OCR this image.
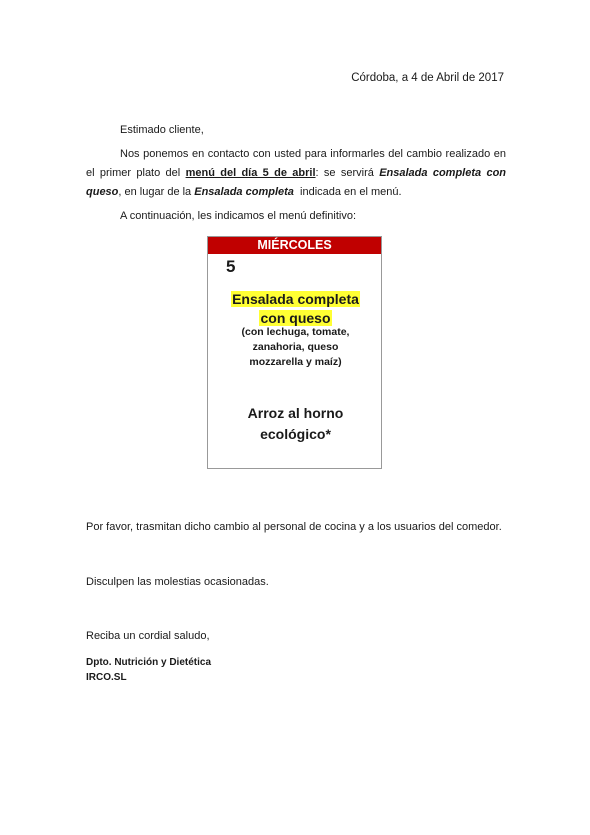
Córdoba, a 4 de Abril de 2017
Estimado cliente,
Nos ponemos en contacto con usted para informarles del cambio realizado en el primer plato del menú del día 5 de abril: se servirá Ensalada completa con queso, en lugar de la Ensalada completa  indicada en el menú.
A continuación, les indicamos el menú definitivo:
MIÉRCOLES
5
Ensalada completa
con queso
(con lechuga, tomate,
zanahoria, queso
mozzarella y maíz)
Arroz al horno
ecológico*
Por favor, trasmitan dicho cambio al personal de cocina y a los usuarios del comedor.
Disculpen las molestias ocasionadas.
Reciba un cordial saludo,
Dpto. Nutrición y Dietética
IRCO.SL
